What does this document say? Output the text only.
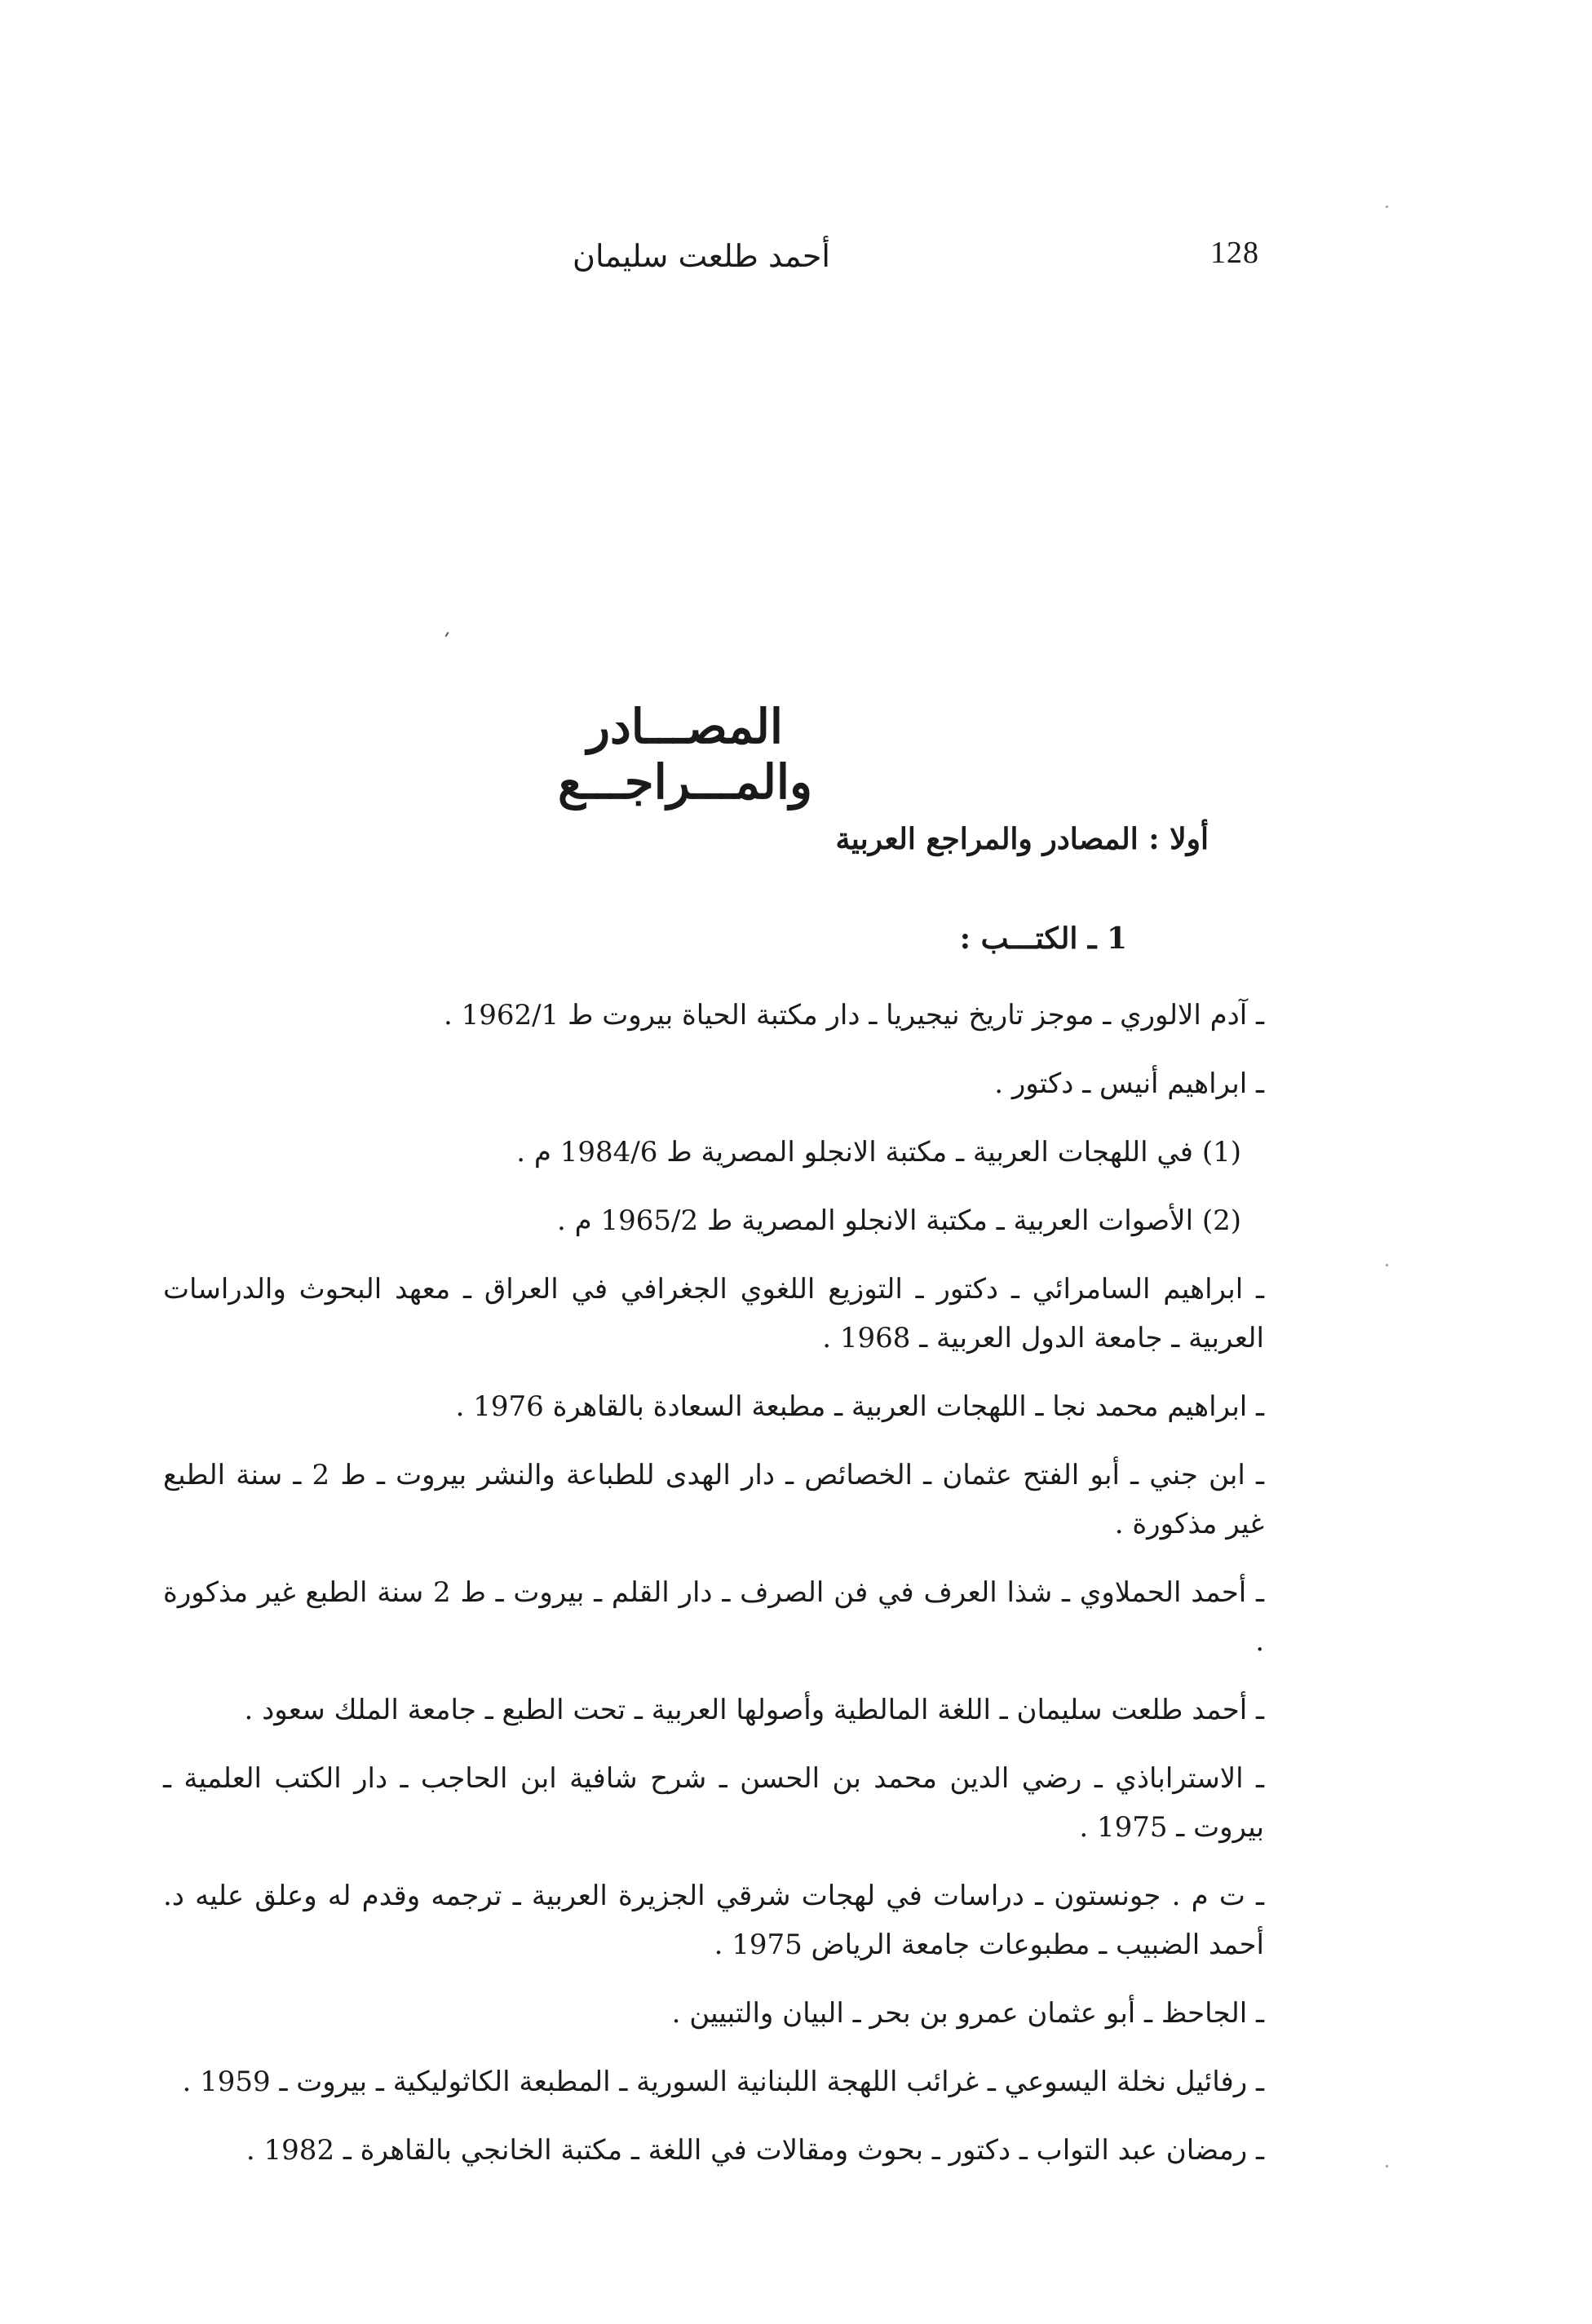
128
أحمد طلعت سليمان
المصـــادر والمـــراجـــع
أولا : المصادر والمراجع العربية
1 ـ الكتـــب :

ـ آدم الالوري ـ موجز تاريخ نيجيريا ـ دار مكتبة الحياة بيروت ط 1962/1 .

ـ ابراهيم أنيس ـ دكتور .

(1) في اللهجات العربية ـ مكتبة الانجلو المصرية ط 1984/6 م .

(2) الأصوات العربية ـ مكتبة الانجلو المصرية ط 1965/2 م .

ـ ابراهيم السامرائي ـ دكتور ـ التوزيع اللغوي الجغرافي في العراق ـ معهد البحوث والدراسات العربية ـ جامعة الدول العربية ـ 1968 .

ـ ابراهيم محمد نجا ـ اللهجات العربية ـ مطبعة السعادة بالقاهرة 1976 .

ـ ابن جني ـ أبو الفتح عثمان ـ الخصائص ـ دار الهدى للطباعة والنشر بيروت ـ ط 2 ـ سنة الطبع غير مذكورة .

ـ أحمد الحملاوي ـ شذا العرف في فن الصرف ـ دار القلم ـ بيروت ـ ط 2 سنة الطبع غير مذكورة .

ـ أحمد طلعت سليمان ـ اللغة المالطية وأصولها العربية ـ تحت الطبع ـ جامعة الملك سعود .

ـ الاستراباذي ـ رضي الدين محمد بن الحسن ـ شرح شافية ابن الحاجب ـ دار الكتب العلمية ـ بيروت ـ 1975 .

ـ ت م . جونستون ـ دراسات في لهجات شرقي الجزيرة العربية ـ ترجمه وقدم له وعلق عليه د. أحمد الضبيب ـ مطبوعات جامعة الرياض 1975 .

ـ الجاحظ ـ أبو عثمان عمرو بن بحر ـ البيان والتبيين .

ـ رفائيل نخلة اليسوعي ـ غرائب اللهجة اللبنانية السورية ـ المطبعة الكاثوليكية ـ بيروت ـ 1959 .

ـ رمضان عبد التواب ـ دكتور ـ بحوث ومقالات في اللغة ـ مكتبة الخانجي بالقاهرة ـ 1982 .
